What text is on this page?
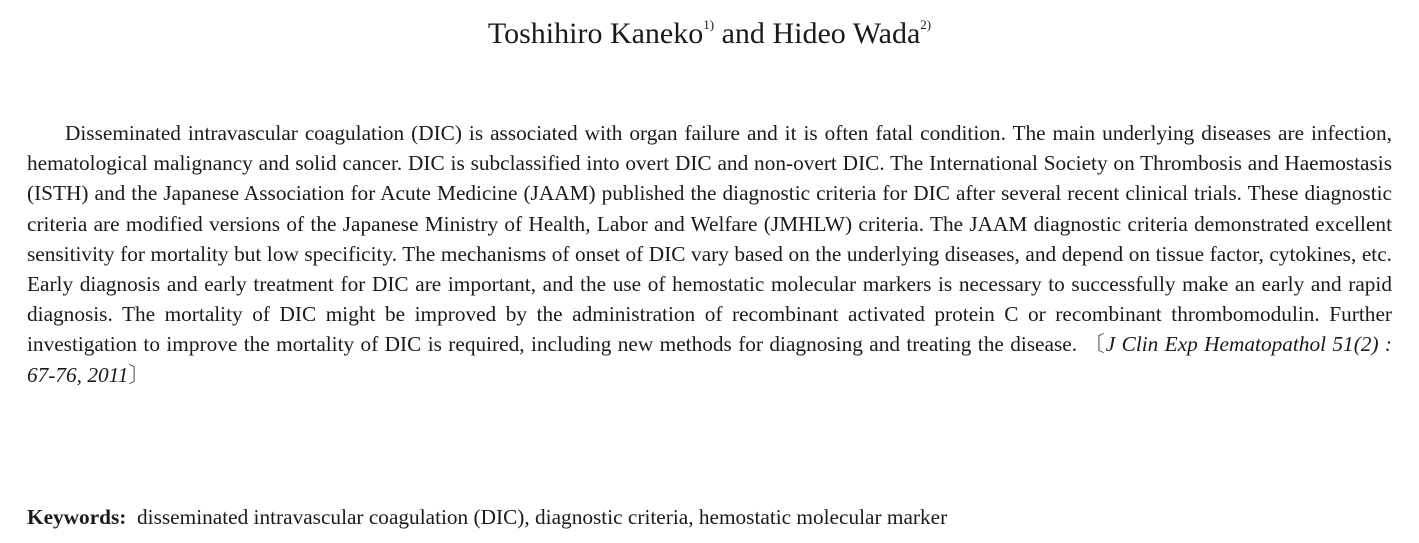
Toshihiro Kaneko$^{1)}$ and Hideo Wada$^{2)}$

Disseminated intravascular coagulation (DIC) is associated with organ failure and it is often fatal condition. The main underlying diseases are infection, hematological malignancy and solid cancer. DIC is subclassified into overt DIC and non-overt DIC. The International Society on Thrombosis and Haemostasis (ISTH) and the Japanese Association for Acute Medicine (JAAM) published the diagnostic criteria for DIC after several recent clinical trials. These diagnostic criteria are modified versions of the Japanese Ministry of Health, Labor and Welfare (JMHLW) criteria. The JAAM diagnostic criteria demonstrated excellent sensitivity for mortality but low specificity. The mechanisms of onset of DIC vary based on the underlying diseases, and depend on tissue factor, cytokines, etc. Early diagnosis and early treatment for DIC are important, and the use of hemostatic molecular markers is necessary to successfully make an early and rapid diagnosis. The mortality of DIC might be improved by the administration of recombinant activated protein C or recombinant thrombomodulin. Further investigation to improve the mortality of DIC is required, including new methods for diagnosing and treating the disease. 〔J Clin Exp Hematopathol 51(2) : 67-76, 2011〕

Keywords: disseminated intravascular coagulation (DIC), diagnostic criteria, hemostatic molecular marker
